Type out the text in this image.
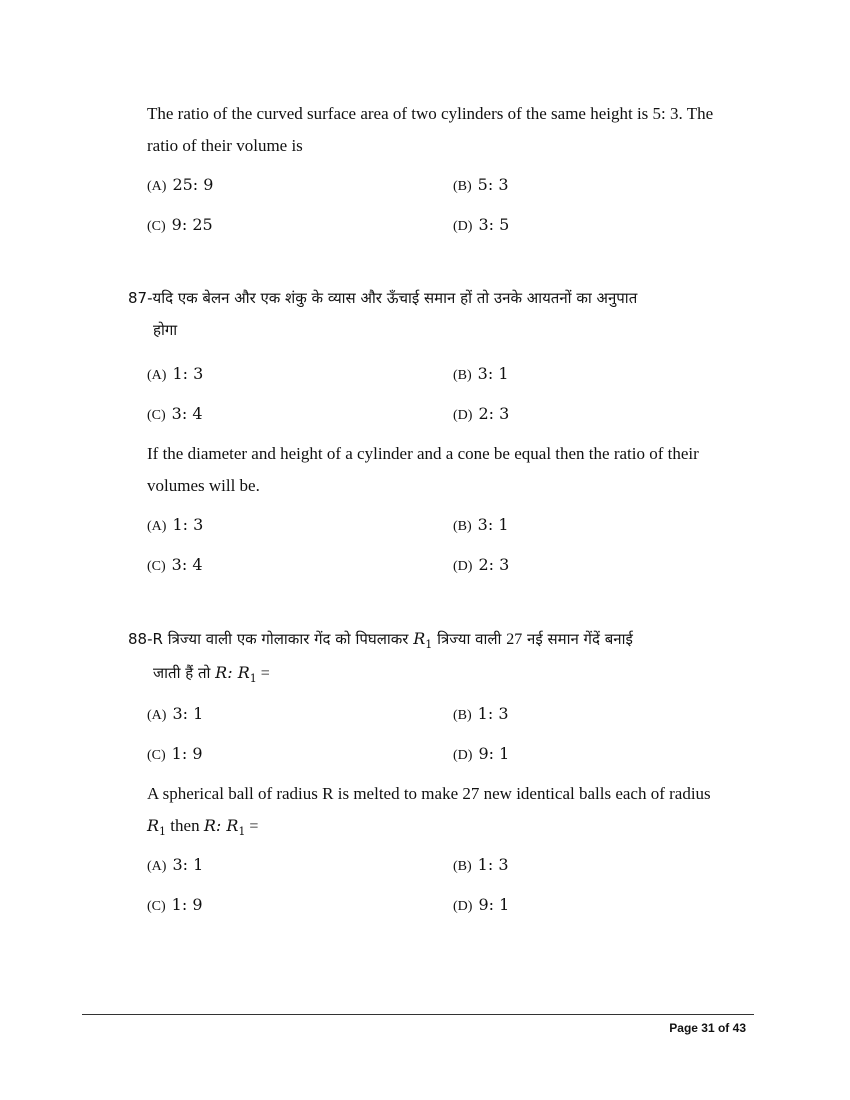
The ratio of the curved surface area of two cylinders of the same height is 5: 3. The
ratio of their volume is
(A) 25: 9	(B) 5: 3
(C) 9: 25	(D) 3: 5
87-यदि एक बेलन और एक शंकु के व्यास और ऊँचाई समान हों तो उनके आयतनों का अनुपात
होगा
(A) 1: 3	(B) 3: 1
(C) 3: 4	(D) 2: 3
If the diameter and height of a cylinder and a cone be equal then the ratio of their
volumes will be.
(A) 1: 3	(B) 3: 1
(C) 3: 4	(D) 2: 3
88-R त्रिज्या वाली एक गोलाकार गेंद को पिघलाकर $R_1$ त्रिज्या वाली 27 नई समान गेंदें बनाई
जाती हैं तो R: $R_1$ =
(A) 3: 1	(B) 1: 3
(C) 1: 9	(D) 9: 1
A spherical ball of radius R is melted to make 27 new identical balls each of radius
$R_1$ then R: $R_1$ =
(A) 3: 1	(B) 1: 3
(C) 1: 9	(D) 9: 1
Page 31 of 43
